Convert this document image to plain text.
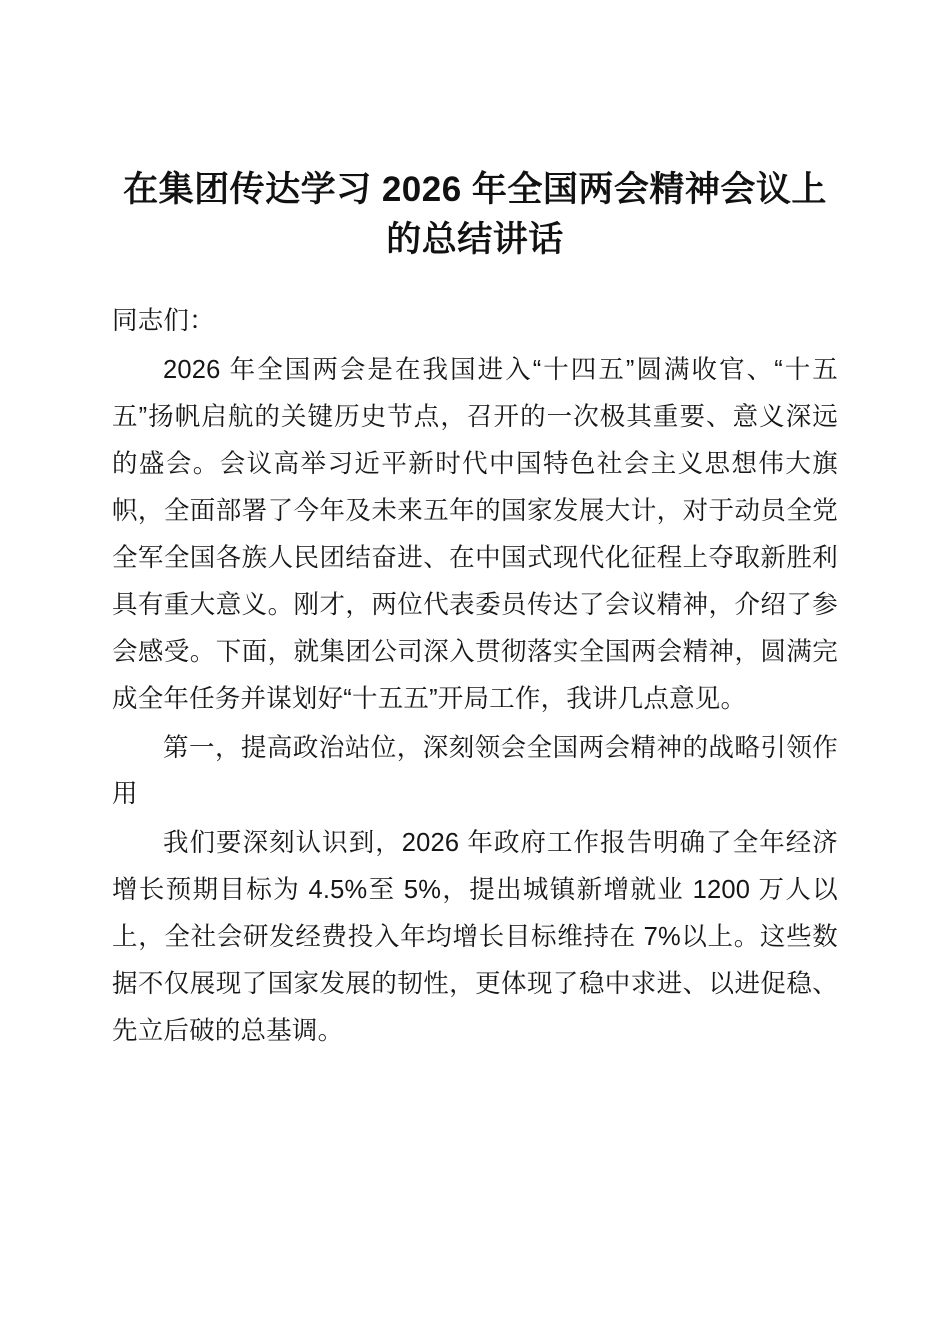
在集团传达学习 2026 年全国两会精神会议上的总结讲话

同志们：

2026 年全国两会是在我国进入“十四五”圆满收官、“十五五”扬帆启航的关键历史节点，召开的一次极其重要、意义深远的盛会。会议高举习近平新时代中国特色社会主义思想伟大旗帜，全面部署了今年及未来五年的国家发展大计，对于动员全党全军全国各族人民团结奋进、在中国式现代化征程上夺取新胜利具有重大意义。刚才，两位代表委员传达了会议精神，介绍了参会感受。下面，就集团公司深入贯彻落实全国两会精神，圆满完成全年任务并谋划好“十五五”开局工作，我讲几点意见。

第一，提高政治站位，深刻领会全国两会精神的战略引领作用

我们要深刻认识到，2026 年政府工作报告明确了全年经济增长预期目标为 4.5%至 5%，提出城镇新增就业 1200 万人以上，全社会研发经费投入年均增长目标维持在 7%以上。这些数据不仅展现了国家发展的韧性，更体现了稳中求进、以进促稳、先立后破的总基调。
